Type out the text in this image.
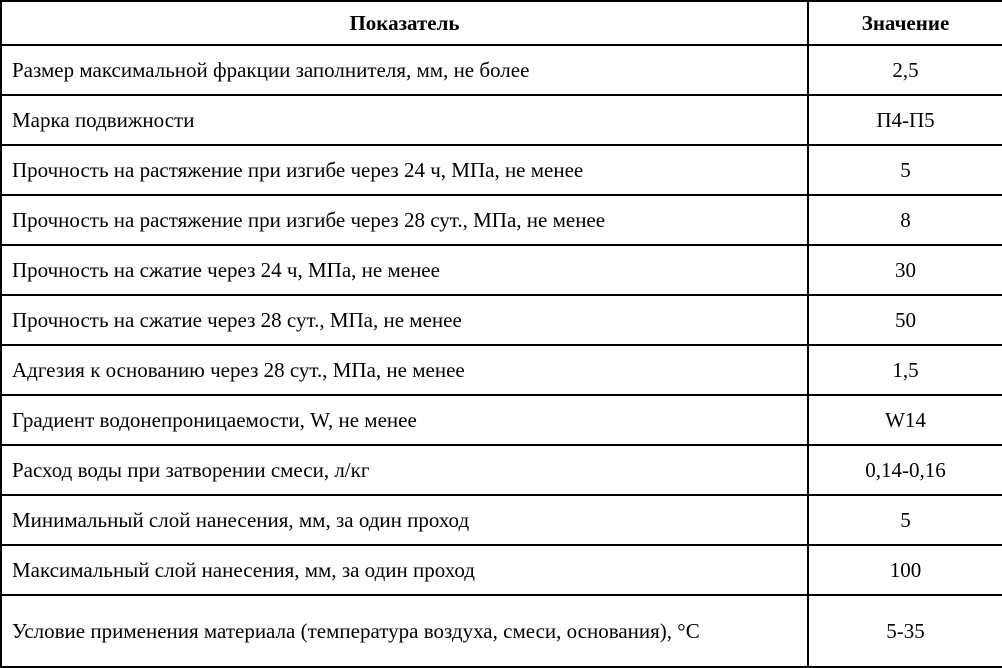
Показатель	Значение
Размер максимальной фракции заполнителя, мм, не более	2,5
Марка подвижности	П4-П5
Прочность на растяжение при изгибе через 24 ч, МПа, не менее	5
Прочность на растяжение при изгибе через 28 сут., МПа, не менее	8
Прочность на сжатие через 24 ч, МПа, не менее	30
Прочность на сжатие через 28 сут., МПа, не менее	50
Адгезия к основанию через 28 сут., МПа, не менее	1,5
Градиент водонепроницаемости, W, не менее	W14
Расход воды при затворении смеси, л/кг	0,14-0,16
Минимальный слой нанесения, мм, за один проход	5
Максимальный слой нанесения, мм, за один проход	100
Условие применения материала (температура воздуха, смеси, основания), °С	5-35
